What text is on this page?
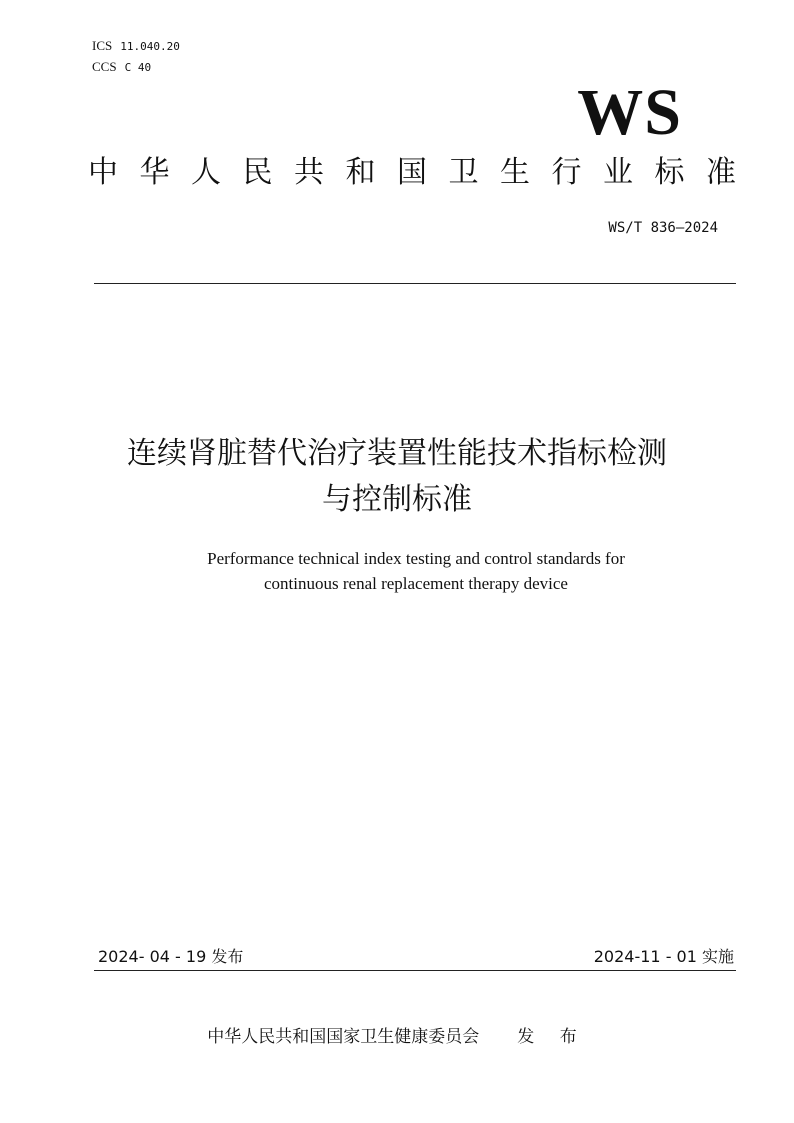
ICS 11.040.20
CCS C 40
WS
中 华 人 民 共 和 国 卫 生 行 业 标 准
WS/T 836—2024
连续肾脏替代治疗装置性能技术指标检测
与控制标准
Performance technical index testing and control standards for
continuous renal replacement therapy device
2024- 04 - 19 发布	2024-11 - 01 实施
中华人民共和国国家卫生健康委员会 发 布
